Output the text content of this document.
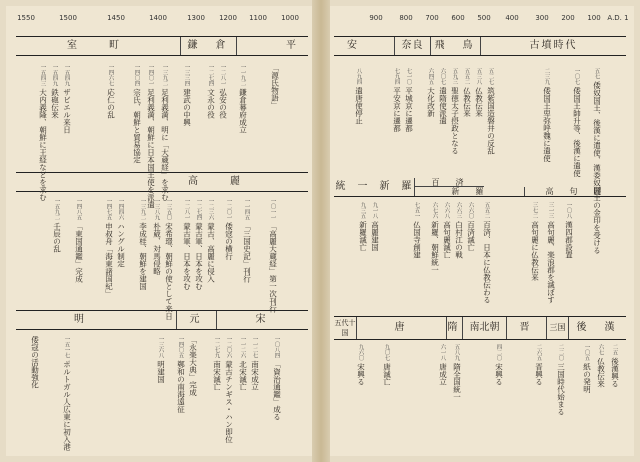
1550	1500	1450	1400	1300 1200 1100 1000
室　　町	鎌　倉	平
一五四三 大内義隆、朝鮮に王経などを求む
一五四九 鉄砲伝来
一五四九 ザビエル来日
一四六七 応仁の乱
一四〇四 宗氏、朝鮮と貿易協定
一四〇一 足利義満、朝鮮に日本国王使を派遣
一三九二 足利義満、明に「大蔵経」を求む
一三三四 建武の中興
一二七四 文永の役
一二八一 弘安の役
一一九二 鎌倉幕府成立
「源氏物語」
高　　麗
一五九二 壬辰の乱
一四八五 「東国通鑑」完成
一四七五 申叔舟「海東諸国紀」
一四四六 ハングル制定
一三九二 李成桂、朝鮮を建国
一三八九 朴葳、対馬侵略
一三五〇 宋希璟、朝鮮の使として来日
一二八一 蒙古軍、日本を攻む
一二七四 蒙古軍、日本を攻む
一二三六 蒙古、高麗に侵入
一二〇一 倭寇の横行
一一四五 「三国史記」刊行
一〇一一 「高麗大蔵経」第一次刊行
明	元	宋
一五一七 ポルトガル人広東に初入港
一三六八 明建国
一四〇五 鄭和の南海遠征 「永楽大典」完成	一二七九 南宋滅亡
一二〇六 蒙古チンギス・ハン即位
一一二六 北宋滅亡
一一二七 南宋成立
一〇八四 「資治通鑑」成る
倭寇の活動強化
900 800 700 600 500 400 300 200 100 A.D. 1
安	奈良	飛　鳥	古墳時代
八九四 遣唐使停止
七九四 平安京に遷都
七一〇 平城京に遷都
六四五 大化改新
六〇七 遣隋使派遣
五九三 聖徳太子摂政となる
五五二 仏教伝来
五三八 仏教伝来
五二七 筑紫国造磐井の反乱
二三九 倭国王卑弥呼魏に遣使
五七 倭奴国王、後漢に遣使、漢委奴国王の金印を受ける
一〇七 倭国王帥升等、後漢に遣使
統　一　新　羅	百　済
新　羅	高　句　麗
九三五 新羅滅亡
九一八 高麗建国
七五一 仏国寺創建
六七六 新羅、朝鮮統一
六六八 高句麗滅亡
六六三 白村江の戦
六六〇 百済滅亡
五五二 百済、日本に仏教伝わる
三七二 高句麗に仏教伝来
三一三 高句麗、楽浪郡を滅ぼす
一〇八 漢四郡設置
五代十国	唐	隋 南北朝	晋	三国	後　漢
九六〇 宋興る
九〇七 唐滅亡
六一八 唐成立
五八九 隋全国統一
四二〇 宋興る
二六五 晋興る
二二〇 三国時代始まる
一〇五 紙の発明
六七 仏教伝来
二五 後漢興る
